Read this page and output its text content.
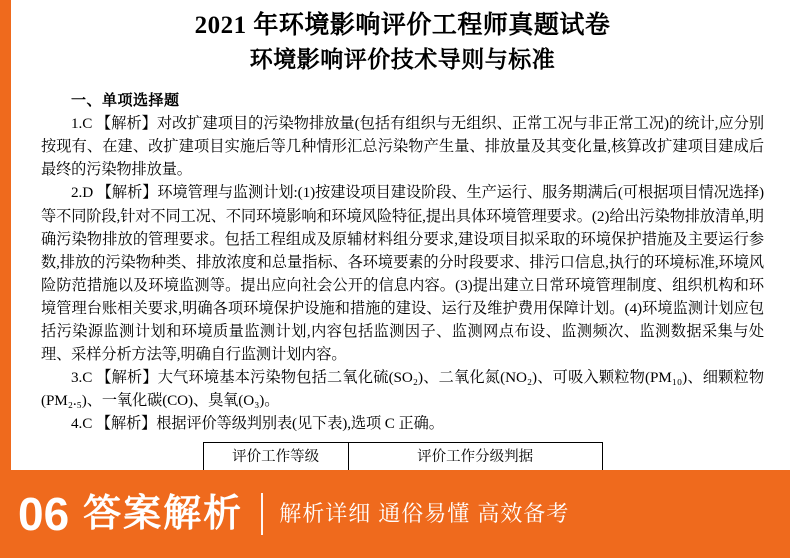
2021 年环境影响评价工程师真题试卷
环境影响评价技术导则与标准
一、单项选择题

1.C 【解析】对改扩建项目的污染物排放量(包括有组织与无组织、正常工况与非正常工况)的统计,应分别按现有、在建、改扩建项目实施后等几种情形汇总污染物产生量、排放量及其变化量,核算改扩建项目建成后最终的污染物排放量。

2.D 【解析】环境管理与监测计划:(1)按建设项目建设阶段、生产运行、服务期满后(可根据项目情况选择)等不同阶段,针对不同工况、不同环境影响和环境风险特征,提出具体环境管理要求。(2)给出污染物排放清单,明确污染物排放的管理要求。包括工程组成及原辅材料组分要求,建设项目拟采取的环境保护措施及主要运行参数,排放的污染物种类、排放浓度和总量指标、各环境要素的分时段要求、排污口信息,执行的环境标准,环境风险防范措施以及环境监测等。提出应向社会公开的信息内容。(3)提出建立日常环境管理制度、组织机构和环境管理台账相关要求,明确各项环境保护设施和措施的建设、运行及维护费用保障计划。(4)环境监测计划应包括污染源监测计划和环境质量监测计划,内容包括监测因子、监测网点布设、监测频次、监测数据采集与处理、采样分析方法等,明确自行监测计划内容。

3.C 【解析】大气环境基本污染物包括二氧化硫(SO₂)、二氧化氮(NO₂)、可吸入颗粒物(PM₁₀)、细颗粒物(PM₂.₅)、一氧化碳(CO)、臭氧(O₃)。

4.C 【解析】根据评价等级判别表(见下表),选项 C 正确。

评价工作等级	评价工作分级判据

06 答案解析 解析详细 通俗易懂 高效备考
